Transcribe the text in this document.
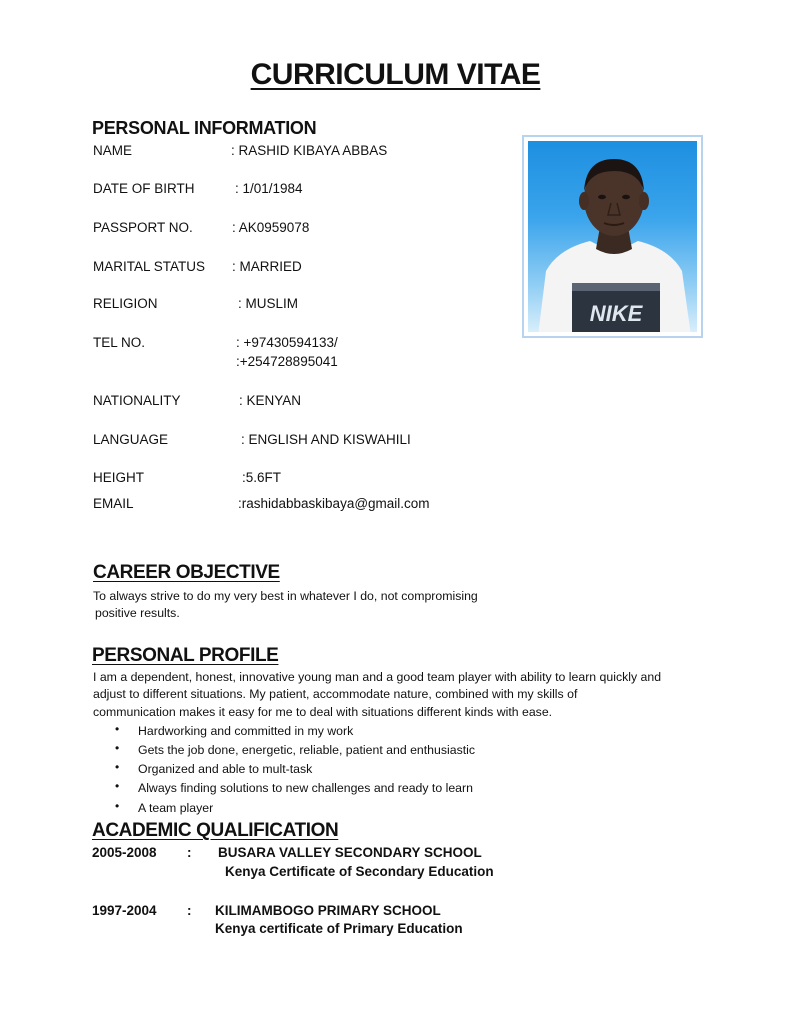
CURRICULUM VITAE
PERSONAL INFORMATION
NAME	: RASHID KIBAYA ABBAS
DATE OF BIRTH	: 1/01/1984
PASSPORT NO.	: AK0959078
MARITAL STATUS : MARRIED
RELIGION	: MUSLIM
TEL NO.	: +97430594133/
:+254728895041
NATIONALITY	: KENYAN
LANGUAGE	: ENGLISH AND KISWAHILI
HEIGHT	:5.6FT
EMAIL	:rashidabbaskibaya@gmail.com
NIKE
CAREER OBJECTIVE
To always strive to do my very best in whatever I do, not compromising
positive results.
PERSONAL PROFILE
I am a dependent, honest, innovative young man and a good team player with ability to learn quickly and
adjust to different situations. My patient, accommodate nature, combined with my skills of
communication makes it easy for me to deal with situations different kinds with ease.
• Hardworking and committed in my work
• Gets the job done, energetic, reliable, patient and enthusiastic
• Organized and able to mult-task
• Always finding solutions to new challenges and ready to learn
• A team player
ACADEMIC QUALIFICATION
2005-2008 : BUSARA VALLEY SECONDARY SCHOOL
Kenya Certificate of Secondary Education
1997-2004 : KILIMAMBOGO PRIMARY SCHOOL
Kenya certificate of Primary Education
